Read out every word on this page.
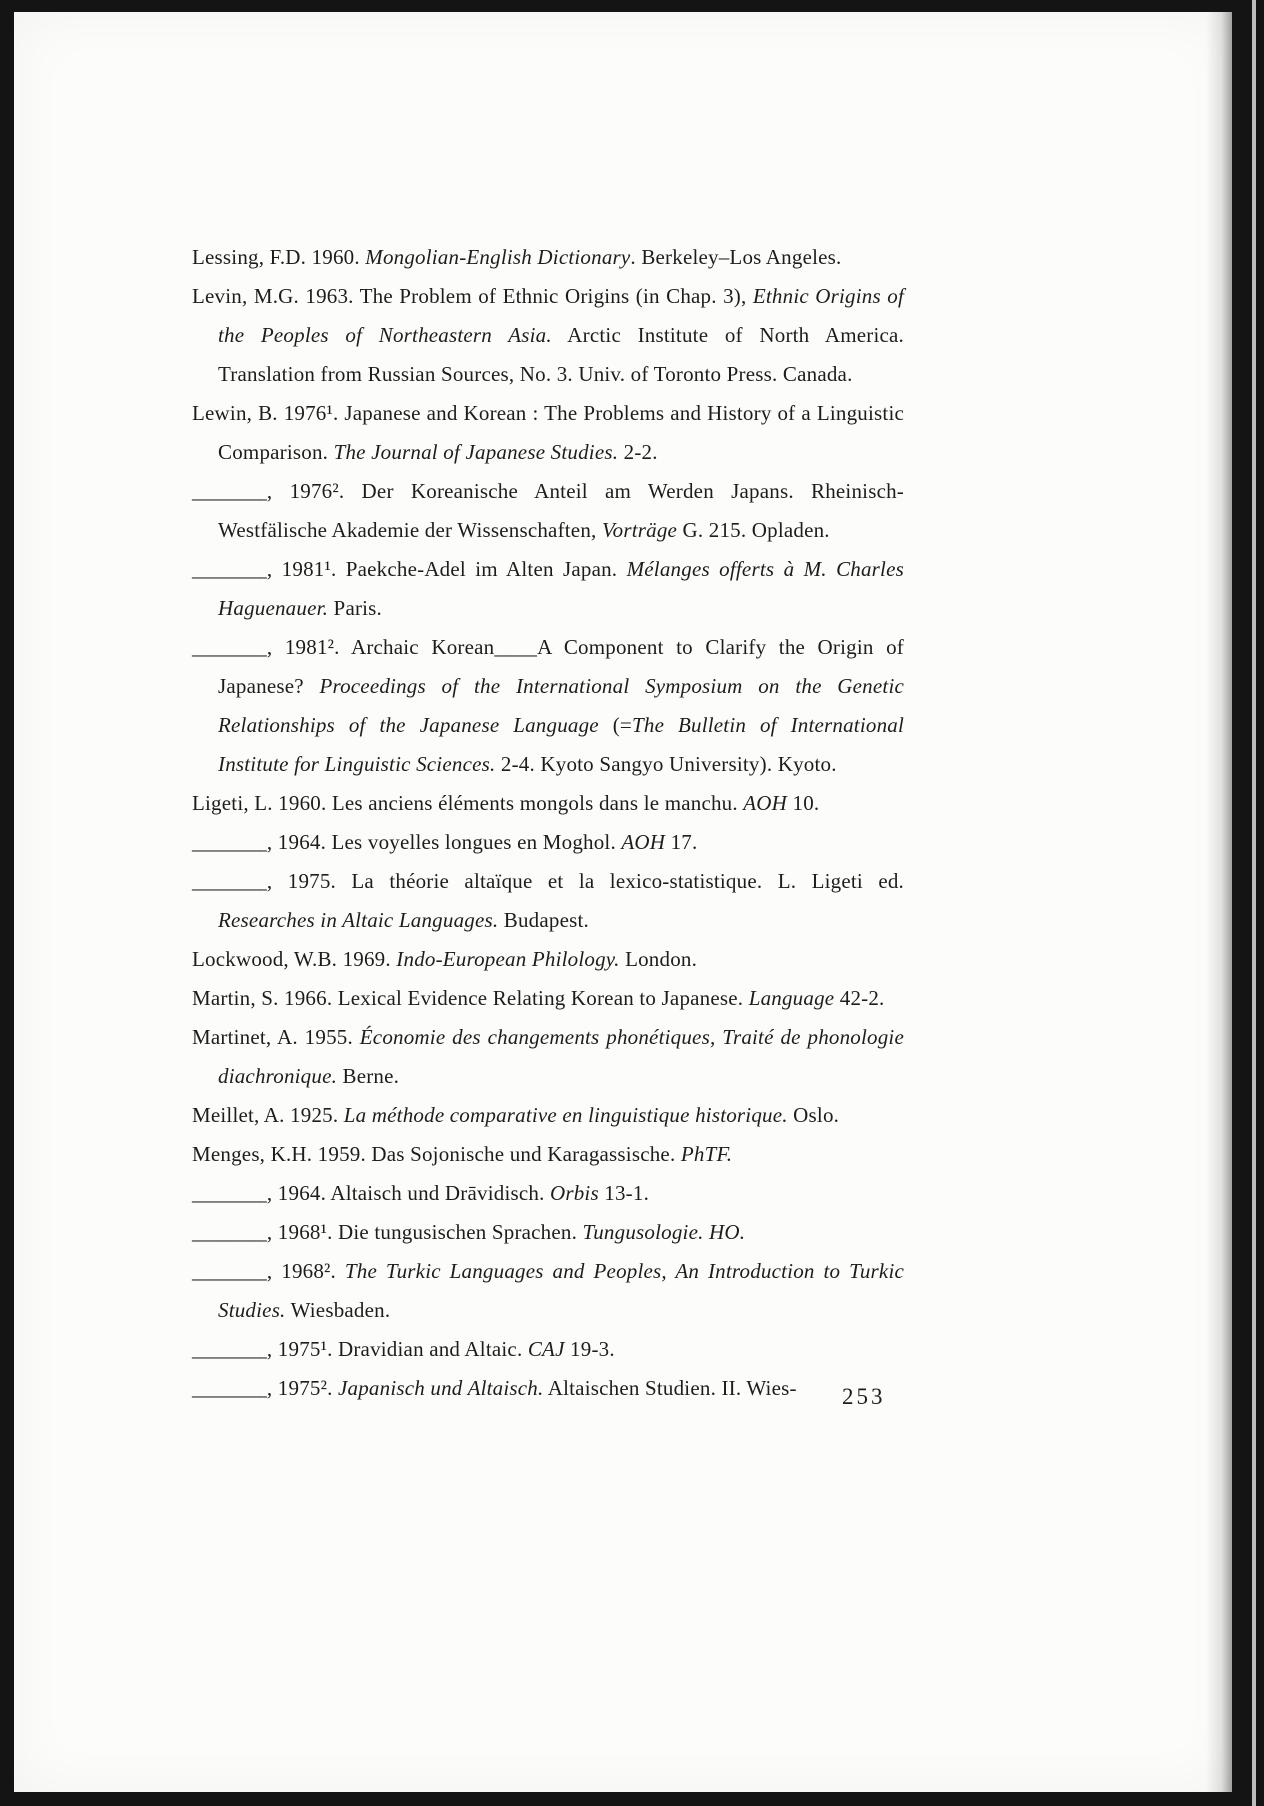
Lessing, F.D. 1960. Mongolian-English Dictionary. Berkeley–Los Angeles.

Levin, M.G. 1963. The Problem of Ethnic Origins (in Chap. 3), Ethnic Origins of the Peoples of Northeastern Asia. Arctic Institute of North America. Translation from Russian Sources, No. 3. Univ. of Toronto Press. Canada.

Lewin, B. 1976¹. Japanese and Korean : The Problems and History of a Linguistic Comparison. The Journal of Japanese Studies. 2-2.

_______, 1976². Der Koreanische Anteil am Werden Japans. Rheinisch-Westfälische Akademie der Wissenschaften, Vorträge G. 215. Opladen.

_______, 1981¹. Paekche-Adel im Alten Japan. Mélanges offerts à M. Charles Haguenauer. Paris.

_______, 1981². Archaic Korean____A Component to Clarify the Origin of Japanese? Proceedings of the International Symposium on the Genetic Relationships of the Japanese Language (=The Bulletin of International Institute for Linguistic Sciences. 2-4. Kyoto Sangyo University). Kyoto.

Ligeti, L. 1960. Les anciens éléments mongols dans le manchu. AOH 10.

_______, 1964. Les voyelles longues en Moghol. AOH 17.

_______, 1975. La théorie altaïque et la lexico-statistique. L. Ligeti ed. Researches in Altaic Languages. Budapest.

Lockwood, W.B. 1969. Indo-European Philology. London.

Martin, S. 1966. Lexical Evidence Relating Korean to Japanese. Language 42-2.

Martinet, A. 1955. Économie des changements phonétiques, Traité de phonologie diachronique. Berne.

Meillet, A. 1925. La méthode comparative en linguistique historique. Oslo.

Menges, K.H. 1959. Das Sojonische und Karagassische. PhTF.

_______, 1964. Altaisch und Drāvidisch. Orbis 13-1.

_______, 1968¹. Die tungusischen Sprachen. Tungusologie. HO.

_______, 1968². The Turkic Languages and Peoples, An Introduction to Turkic Studies. Wiesbaden.

_______, 1975¹. Dravidian and Altaic. CAJ 19-3.

_______, 1975². Japanisch und Altaisch. Altaischen Studien. II. Wies-	253
